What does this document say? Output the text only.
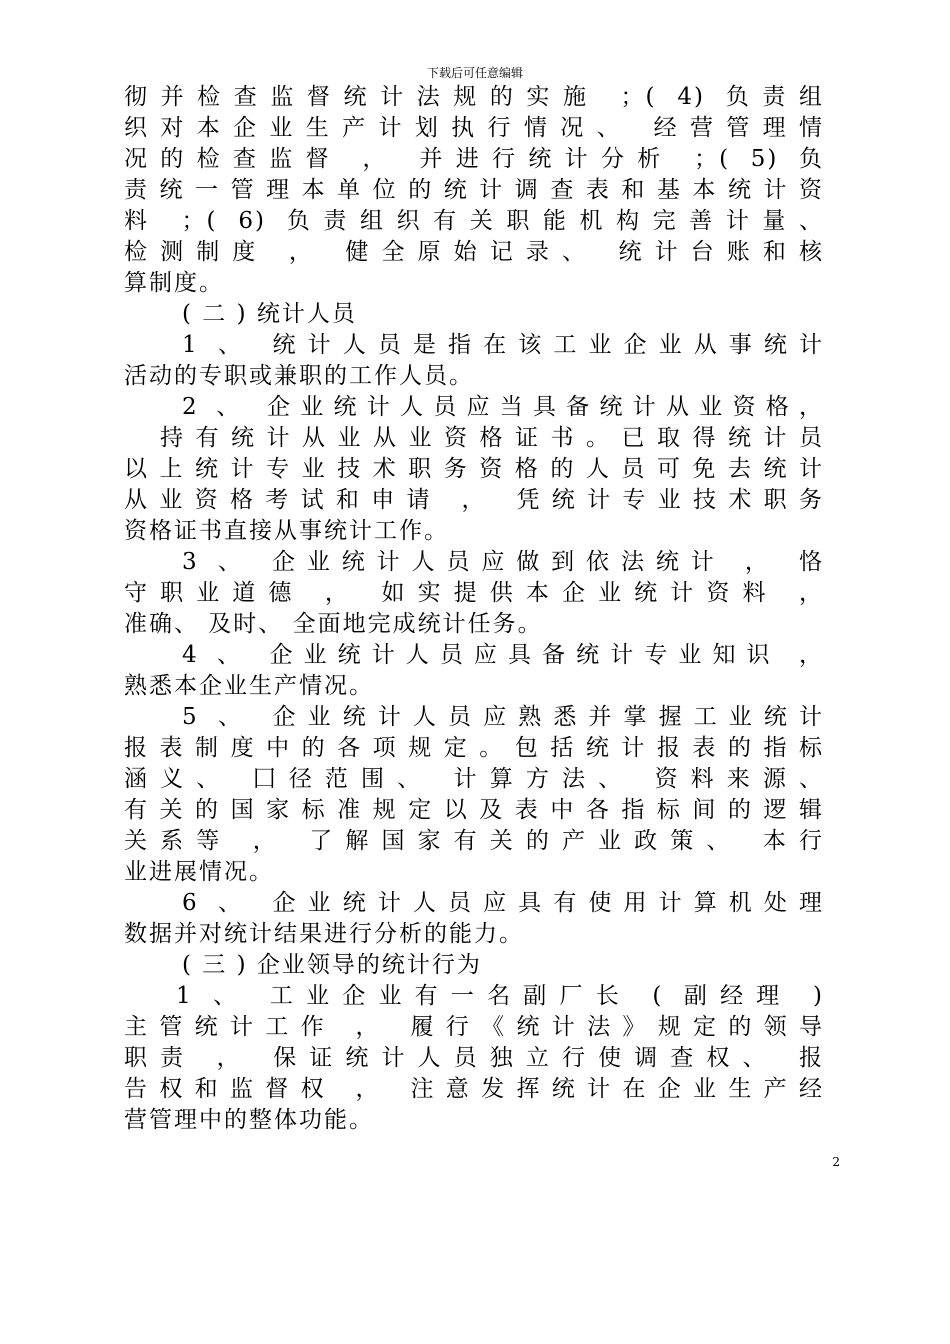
下载后可任意编辑
彻并检查监督统计法规的实施 ；( 4) 负责组
织对本企业生产计划执行情况、 经营管理情
况的检查监督 ， 并进行统计分析 ；( 5) 负
责统一管理本单位的统计调查表和基本统计资
料 ；( 6) 负责组织有关职能机构完善计量、
检测制度 ， 健全原始记录、 统计台账和核
算制度。
( 二 ) 统计人员
1 、 统计人员是指在该工业企业从事统计
活动的专职或兼职的工作人员。
2 、 企业统计人员应当具备统计从业资格，
持有统计从业从业资格证书。已取得统计员
以上统计专业技术职务资格的人员可免去统计
从业资格考试和申请 ， 凭统计专业技术职务
资格证书直接从事统计工作。
3 、 企业统计人员应做到依法统计 ， 恪
守职业道德 ， 如实提供本企业统计资料 ，
准确、 及时、 全面地完成统计任务。
4 、 企业统计人员应具备统计专业知识 ，
熟悉本企业生产情况。
5 、 企业统计人员应熟悉并掌握工业统计
报表制度中的各项规定。包括统计报表的指标
涵义、 囗径范围、 计算方法、 资料来源、
有关的国家标准规定以及表中各指标间的逻辑
关系等 ， 了解国家有关的产业政策、 本行
业进展情况。
6 、 企业统计人员应具有使用计算机处理
数据并对统计结果进行分析的能力。
( 三 ) 企业领导的统计行为
1 、 工业企业有一名副厂长 ( 副经理 )
主管统计工作 ， 履行《统计法》规定的领导
职责 ， 保证统计人员独立行使调查权、 报
告权和监督权 ， 注意发挥统计在企业生产经
营管理中的整体功能。
2
